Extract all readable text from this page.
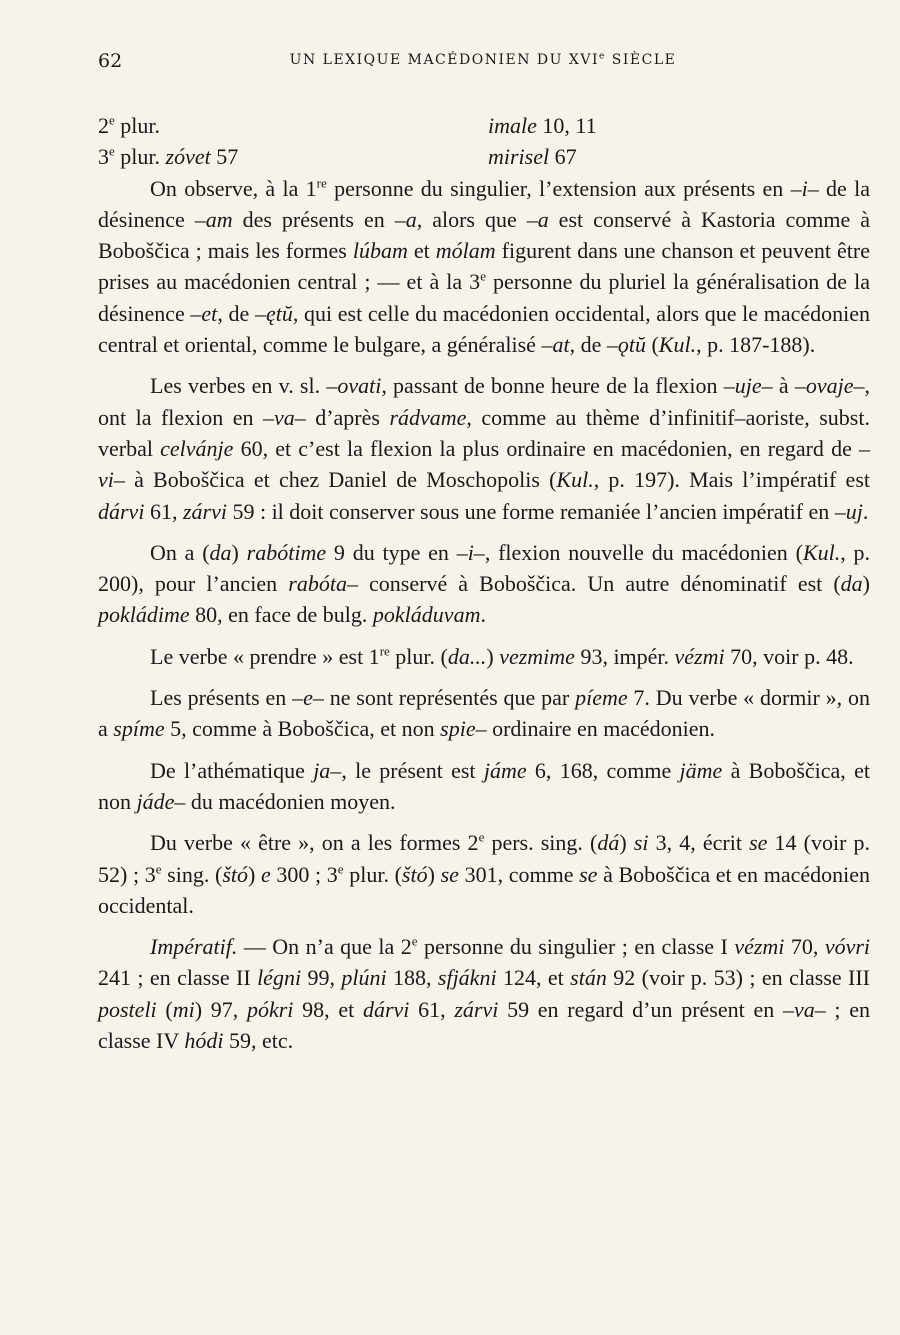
62	UN LEXIQUE MACÉDONIEN DU XVIe SIÈCLE
2e plur.	imale 10, 11
3e plur. zóvet 57	mirisel 67

On observe, à la 1re personne du singulier, l’extension aux présents en –i– de la désinence –am des présents en –a, alors que –a est conservé à Kastoria comme à Boboščica ; mais les formes lúbam et mólam figurent dans une chanson et peuvent être prises au macédonien central ; — et à la 3e personne du pluriel la généralisation de la désinence –et, de –ętŭ, qui est celle du macédonien occidental, alors que le macédonien central et oriental, comme le bulgare, a généralisé –at, de –ǫtŭ (Kul., p. 187-188).

Les verbes en v. sl. –ovati, passant de bonne heure de la flexion –uje– à –ovaje–, ont la flexion en –va– d’après rádvame, comme au thème d’infinitif–aoriste, subst. verbal celvánje 60, et c’est la flexion la plus ordinaire en macédonien, en regard de –vi– à Boboščica et chez Daniel de Moschopolis (Kul., p. 197). Mais l’impératif est dárvi 61, zárvi 59 : il doit conserver sous une forme remaniée l’ancien impératif en –uj.

On a (da) rabótime 9 du type en –i–, flexion nouvelle du macédonien (Kul., p. 200), pour l’ancien rabóta– conservé à Boboščica. Un autre dénominatif est (da) pokládime 80, en face de bulg. pokláduvam.

Le verbe « prendre » est 1re plur. (da...) vezmime 93, impér. vézmi 70, voir p. 48.

Les présents en –e– ne sont représentés que par píeme 7. Du verbe « dormir », on a spíme 5, comme à Boboščica, et non spie– ordinaire en macédonien.

De l’athématique ja–, le présent est jáme 6, 168, comme jäme à Boboščica, et non jáde– du macédonien moyen.

Du verbe « être », on a les formes 2e pers. sing. (dá) si 3, 4, écrit se 14 (voir p. 52) ; 3e sing. (štó) e 300 ; 3e plur. (štó) se 301, comme se à Boboščica et en macédonien occidental.

Impératif. — On n’a que la 2e personne du singulier ; en classe I vézmi 70, vóvri 241 ; en classe II légni 99, plúni 188, sfjákni 124, et stán 92 (voir p. 53) ; en classe III posteli (mi) 97, pókri 98, et dárvi 61, zárvi 59 en regard d’un présent en –va– ; en classe IV hódi 59, etc.
